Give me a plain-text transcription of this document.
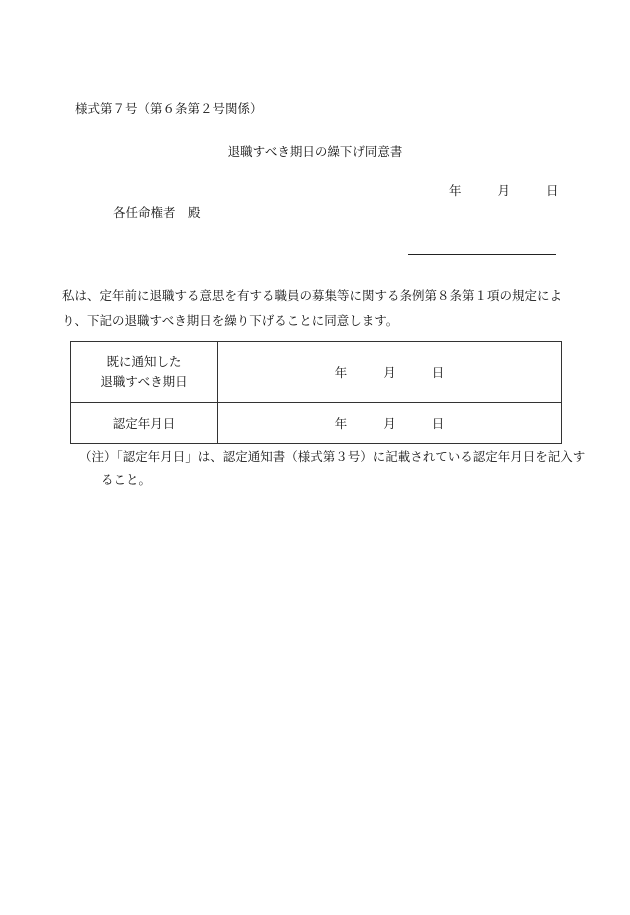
様式第７号（第６条第２号関係）
退職すべき期日の繰下げ同意書
年	月	日
各任命権者　殿

私は、定年前に退職する意思を有する職員の募集等に関する条例第８条第１項の規定によ

り、下記の退職すべき期日を繰り下げることに同意します。

既に通知した
退職すべき期日	年 月 日
認定年月日	年 月 日
（注）「認定年月日」は、認定通知書（様式第３号）に記載されている認定年月日を記入す
ること。
